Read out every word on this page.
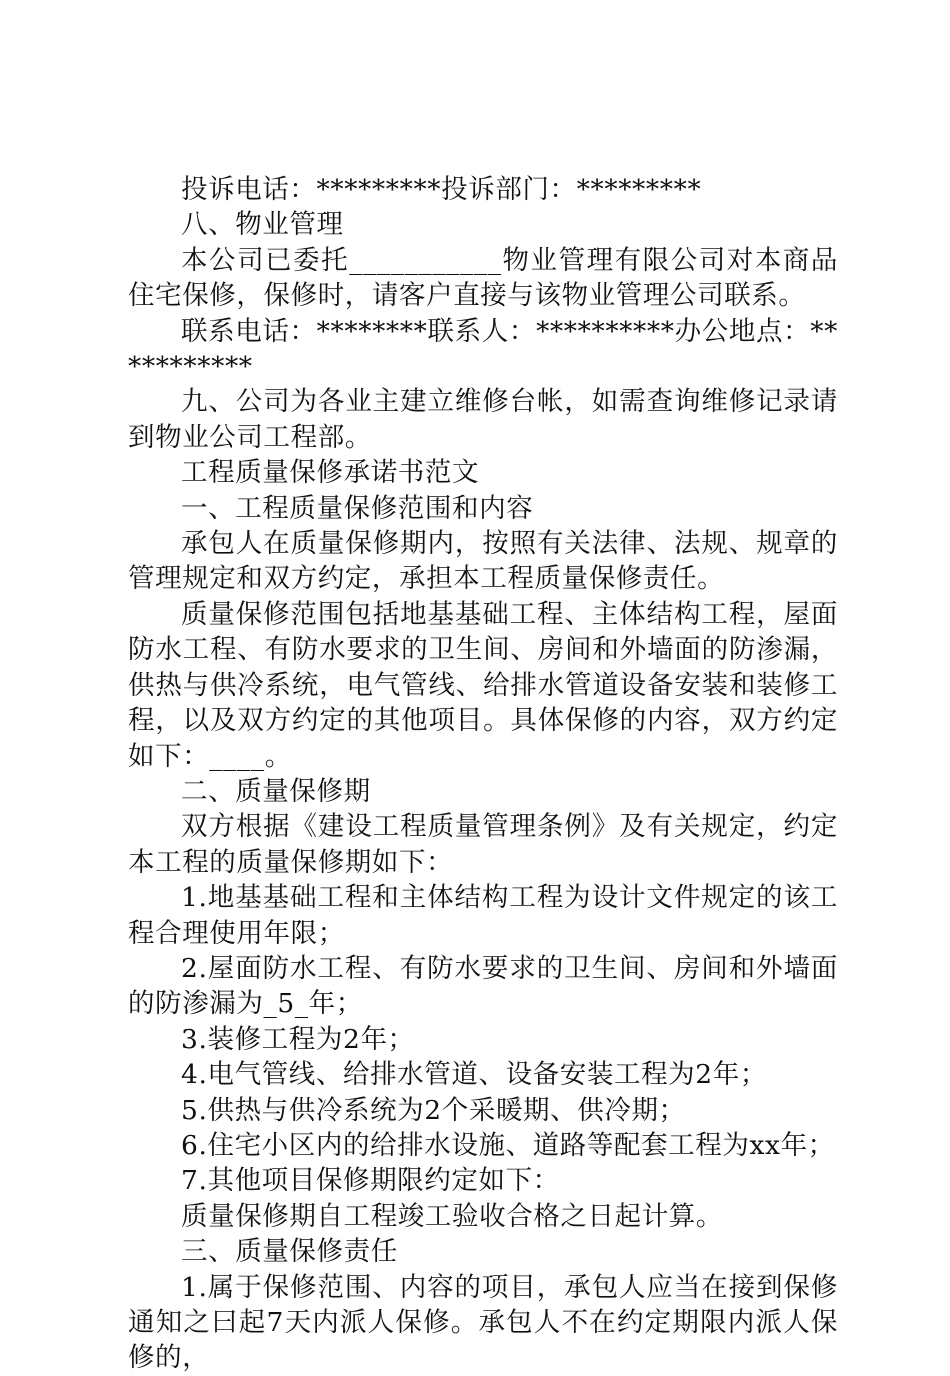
投诉电话：*********投诉部门：*********

八、物业管理

本公司已委托___________物业管理有限公司对本商品住宅保修，保修时，请客户直接与该物业管理公司联系。

联系电话：********联系人：**********办公地点：***********

九、公司为各业主建立维修台帐，如需查询维修记录请到物业公司工程部。

工程质量保修承诺书范文

一、工程质量保修范围和内容

承包人在质量保修期内，按照有关法律、法规、规章的管理规定和双方约定，承担本工程质量保修责任。

质量保修范围包括地基基础工程、主体结构工程，屋面防水工程、有防水要求的卫生间、房间和外墙面的防渗漏，供热与供冷系统，电气管线、给排水管道设备安装和装修工程，以及双方约定的其他项目。具体保修的内容，双方约定如下：____。

二、质量保修期

双方根据《建设工程质量管理条例》及有关规定，约定本工程的质量保修期如下：

1.地基基础工程和主体结构工程为设计文件规定的该工程合理使用年限；

2.屋面防水工程、有防水要求的卫生间、房间和外墙面的防渗漏为_5_年；

3.装修工程为2年；

4.电气管线、给排水管道、设备安装工程为2年；

5.供热与供冷系统为2个采暖期、供冷期；

6.住宅小区内的给排水设施、道路等配套工程为xx年；

7.其他项目保修期限约定如下：

质量保修期自工程竣工验收合格之日起计算。

三、质量保修责任

1.属于保修范围、内容的项目，承包人应当在接到保修通知之曰起7天内派人保修。承包人不在约定期限内派人保修的，
